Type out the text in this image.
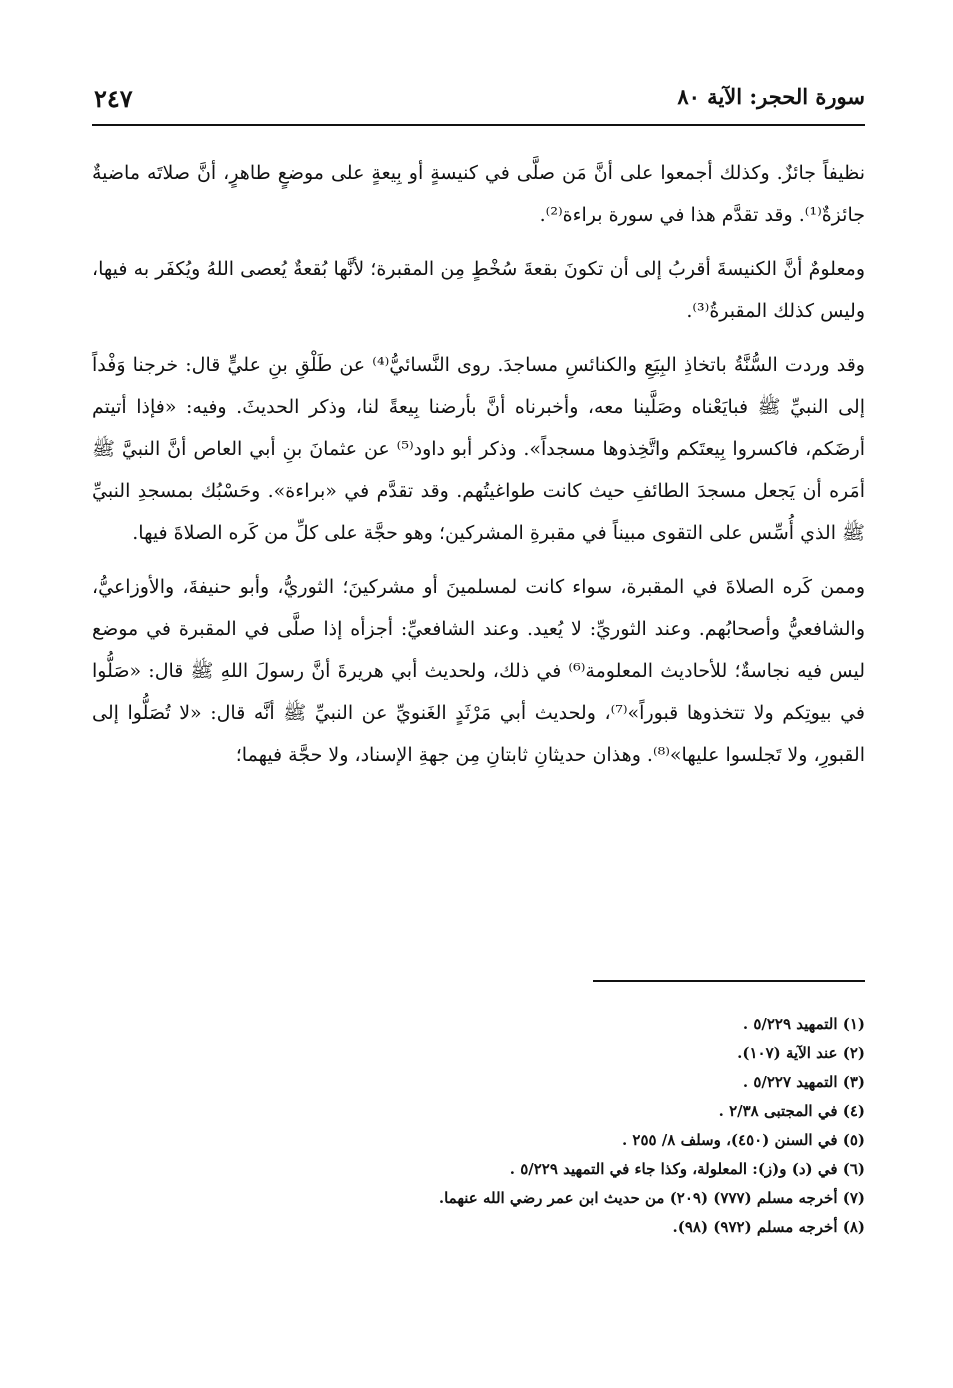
سورة الحجر: الآية ٨٠
٢٤٧

نظيفاً جائزٌ. وكذلك أجمعوا على أنَّ مَن صلَّى في كنيسةٍ أو بِيعةٍ على موضعٍ طاهرٍ، أنَّ صلاتَه ماضيةٌ جائزةٌ⁽¹⁾. وقد تقدَّم هذا في سورة براءة⁽²⁾.

ومعلومٌ أنَّ الكنيسةَ أقربُ إلى أن تكونَ بقعةَ سُخْطٍ مِن المقبرة؛ لأنَّها بُقعةٌ يُعصى اللهُ ويُكفَر به فيها، وليس كذلك المقبرةُ⁽³⁾.

وقد وردت السُّنَّةُ باتخاذِ البِيَعِ والكنائسِ مساجدَ. روى النَّسائيُّ⁽⁴⁾ عن طَلْقِ بنِ عليٍّ قال: خرجنا وَفْداً إلى النبيِّ ﷺ فبايَعْناه وصَلَّينا معه، وأخبرناه أنَّ بأرضنا بِيعةً لنا، وذكر الحديثَ. وفيه: «فإذا أتيتم أرضَكم، فاكسروا بِيعتَكم واتَّخِذوها مسجداً». وذكر أبو داود⁽⁵⁾ عن عثمانَ بنِ أبي العاص أنَّ النبيَّ ﷺ أمَره أن يَجعل مسجدَ الطائفِ حيث كانت طواغيتُهم. وقد تقدَّم في «براءة». وحَسْبُك بمسجدِ النبيِّ ﷺ الذي أُسِّس على التقوى مبيناً في مقبرةِ المشركين؛ وهو حجَّة على كلِّ من كَره الصلاةَ فيها.

وممن كَره الصلاةَ في المقبرة، سواء كانت لمسلمينَ أو مشركينَ؛ الثوريُّ، وأبو حنيفةَ، والأوزاعيُّ، والشافعيُّ وأصحابُهم. وعند الثوريِّ: لا يُعيد. وعند الشافعيِّ: أجزأه إذا صلَّى في المقبرة في موضع ليس فيه نجاسةٌ؛ للأحاديث المعلومة⁽⁶⁾ في ذلك، ولحديث أبي هريرةَ أنَّ رسولَ اللهِ ﷺ قال: «صَلُّوا في بيوتِكم ولا تتخذوها قبوراً»⁽⁷⁾، ولحديث أبي مَرْثَدٍ الغَنويِّ عن النبيِّ ﷺ أنَّه قال: «لا تُصَلُّوا إلى القبورِ، ولا تَجلسوا عليها»⁽⁸⁾. وهذان حديثانِ ثابتانِ مِن جهةِ الإسناد، ولا حجَّة فيهما؛

(١) التمهيد ٥/٢٢٩ .
(٢) عند الآية (١٠٧).
(٣) التمهيد ٥/٢٢٧ .
(٤) في المجتبى ٢/٣٨ .
(٥) في السنن (٤٥٠)، وسلف ٨/ ٢٥٥ .
(٦) في (د) و(ز): المعلولة، وكذا جاء في التمهيد ٥/٢٢٩ .
(٧) أخرجه مسلم (٧٧٧) (٢٠٩) من حديث ابن عمر رضي الله عنهما.
(٨) أخرجه مسلم (٩٧٢) (٩٨).
